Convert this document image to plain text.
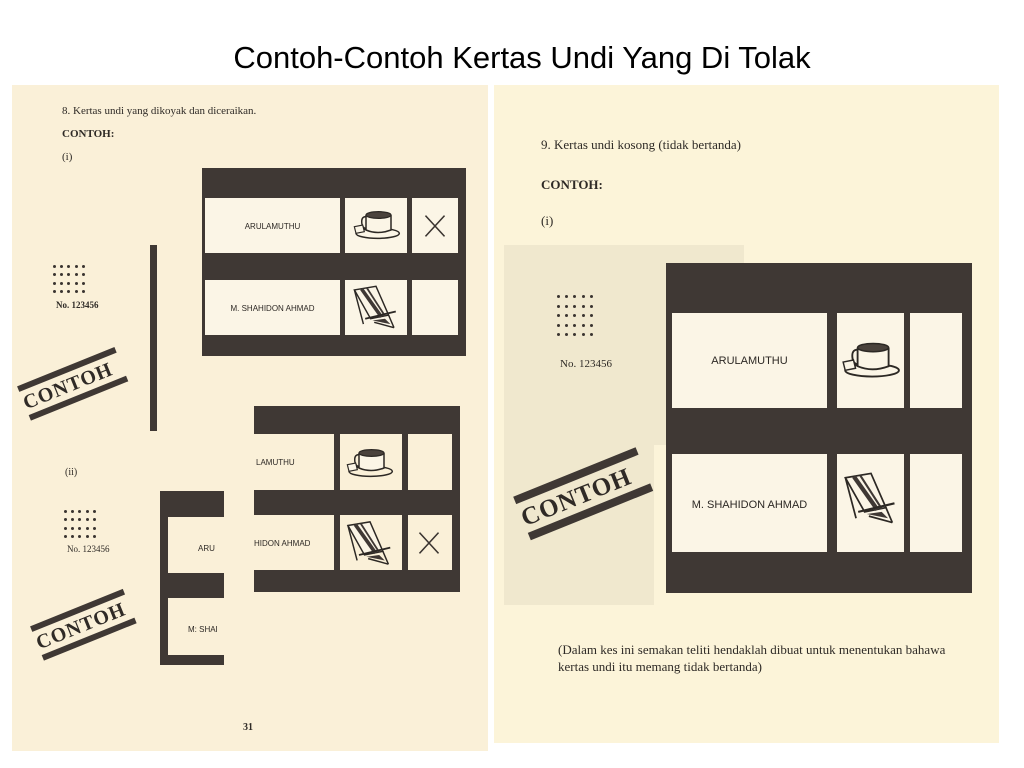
Contoh-Contoh Kertas Undi Yang Di Tolak
8. Kertas undi yang dikoyak dan diceraikan.
CONTOH:
(i)
No. 123456
CONTOH
ARULAMUTHU
M. SHAHIDON AHMAD
(ii)
No. 123456
CONTOH
ARU
M: SHAI
LAMUTHU
HIDON AHMAD
31
9. Kertas undi kosong (tidak bertanda)
CONTOH:
(i)
No. 123456
CONTOH
ARULAMUTHU
M. SHAHIDON AHMAD
(Dalam kes ini semakan teliti hendaklah dibuat untuk menentukan bahawa kertas undi itu memang tidak bertanda)
